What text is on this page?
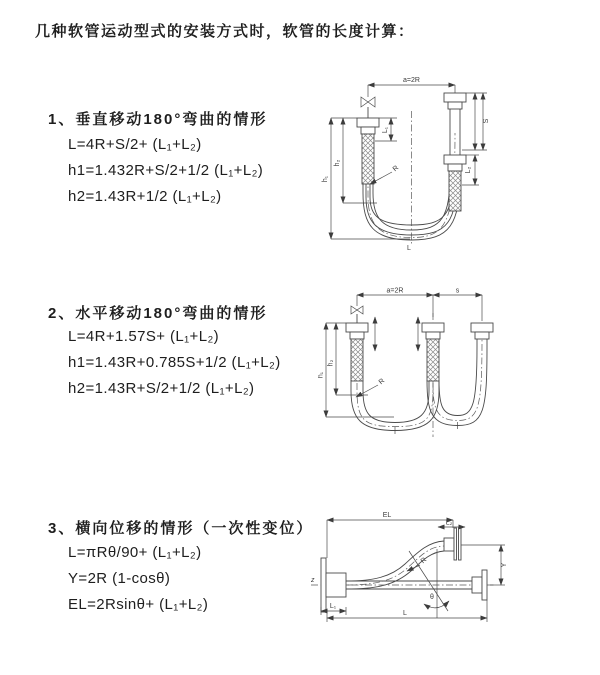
几种软管运动型式的安装方式时，软管的长度计算：
1、垂直移动180°弯曲的情形
L=4R+S/2+ (L₁+L₂)
h1=1.432R+S/2+1/2 (L₁+L₂)
h2=1.43R+1/2 (L₁+L₂)
2、水平移动180°弯曲的情形
L=4R+1.57S+ (L₁+L₂)
h1=1.43R+0.785S+1/2 (L₁+L₂)
h2=1.43R+S/2+1/2 (L₁+L₂)
3、横向位移的情形（一次性变位）
L=πRθ/90+ (L₁+L₂)
Y=2R (1-cosθ)
EL=2Rsinθ+ (L₁+L₂)
a=2R
h₁
h₂
L₁
S
L₂
R
L
a=2R	s
h₁
h₂
R
z
EL
L₂
Y
R
θ
L
L₁
